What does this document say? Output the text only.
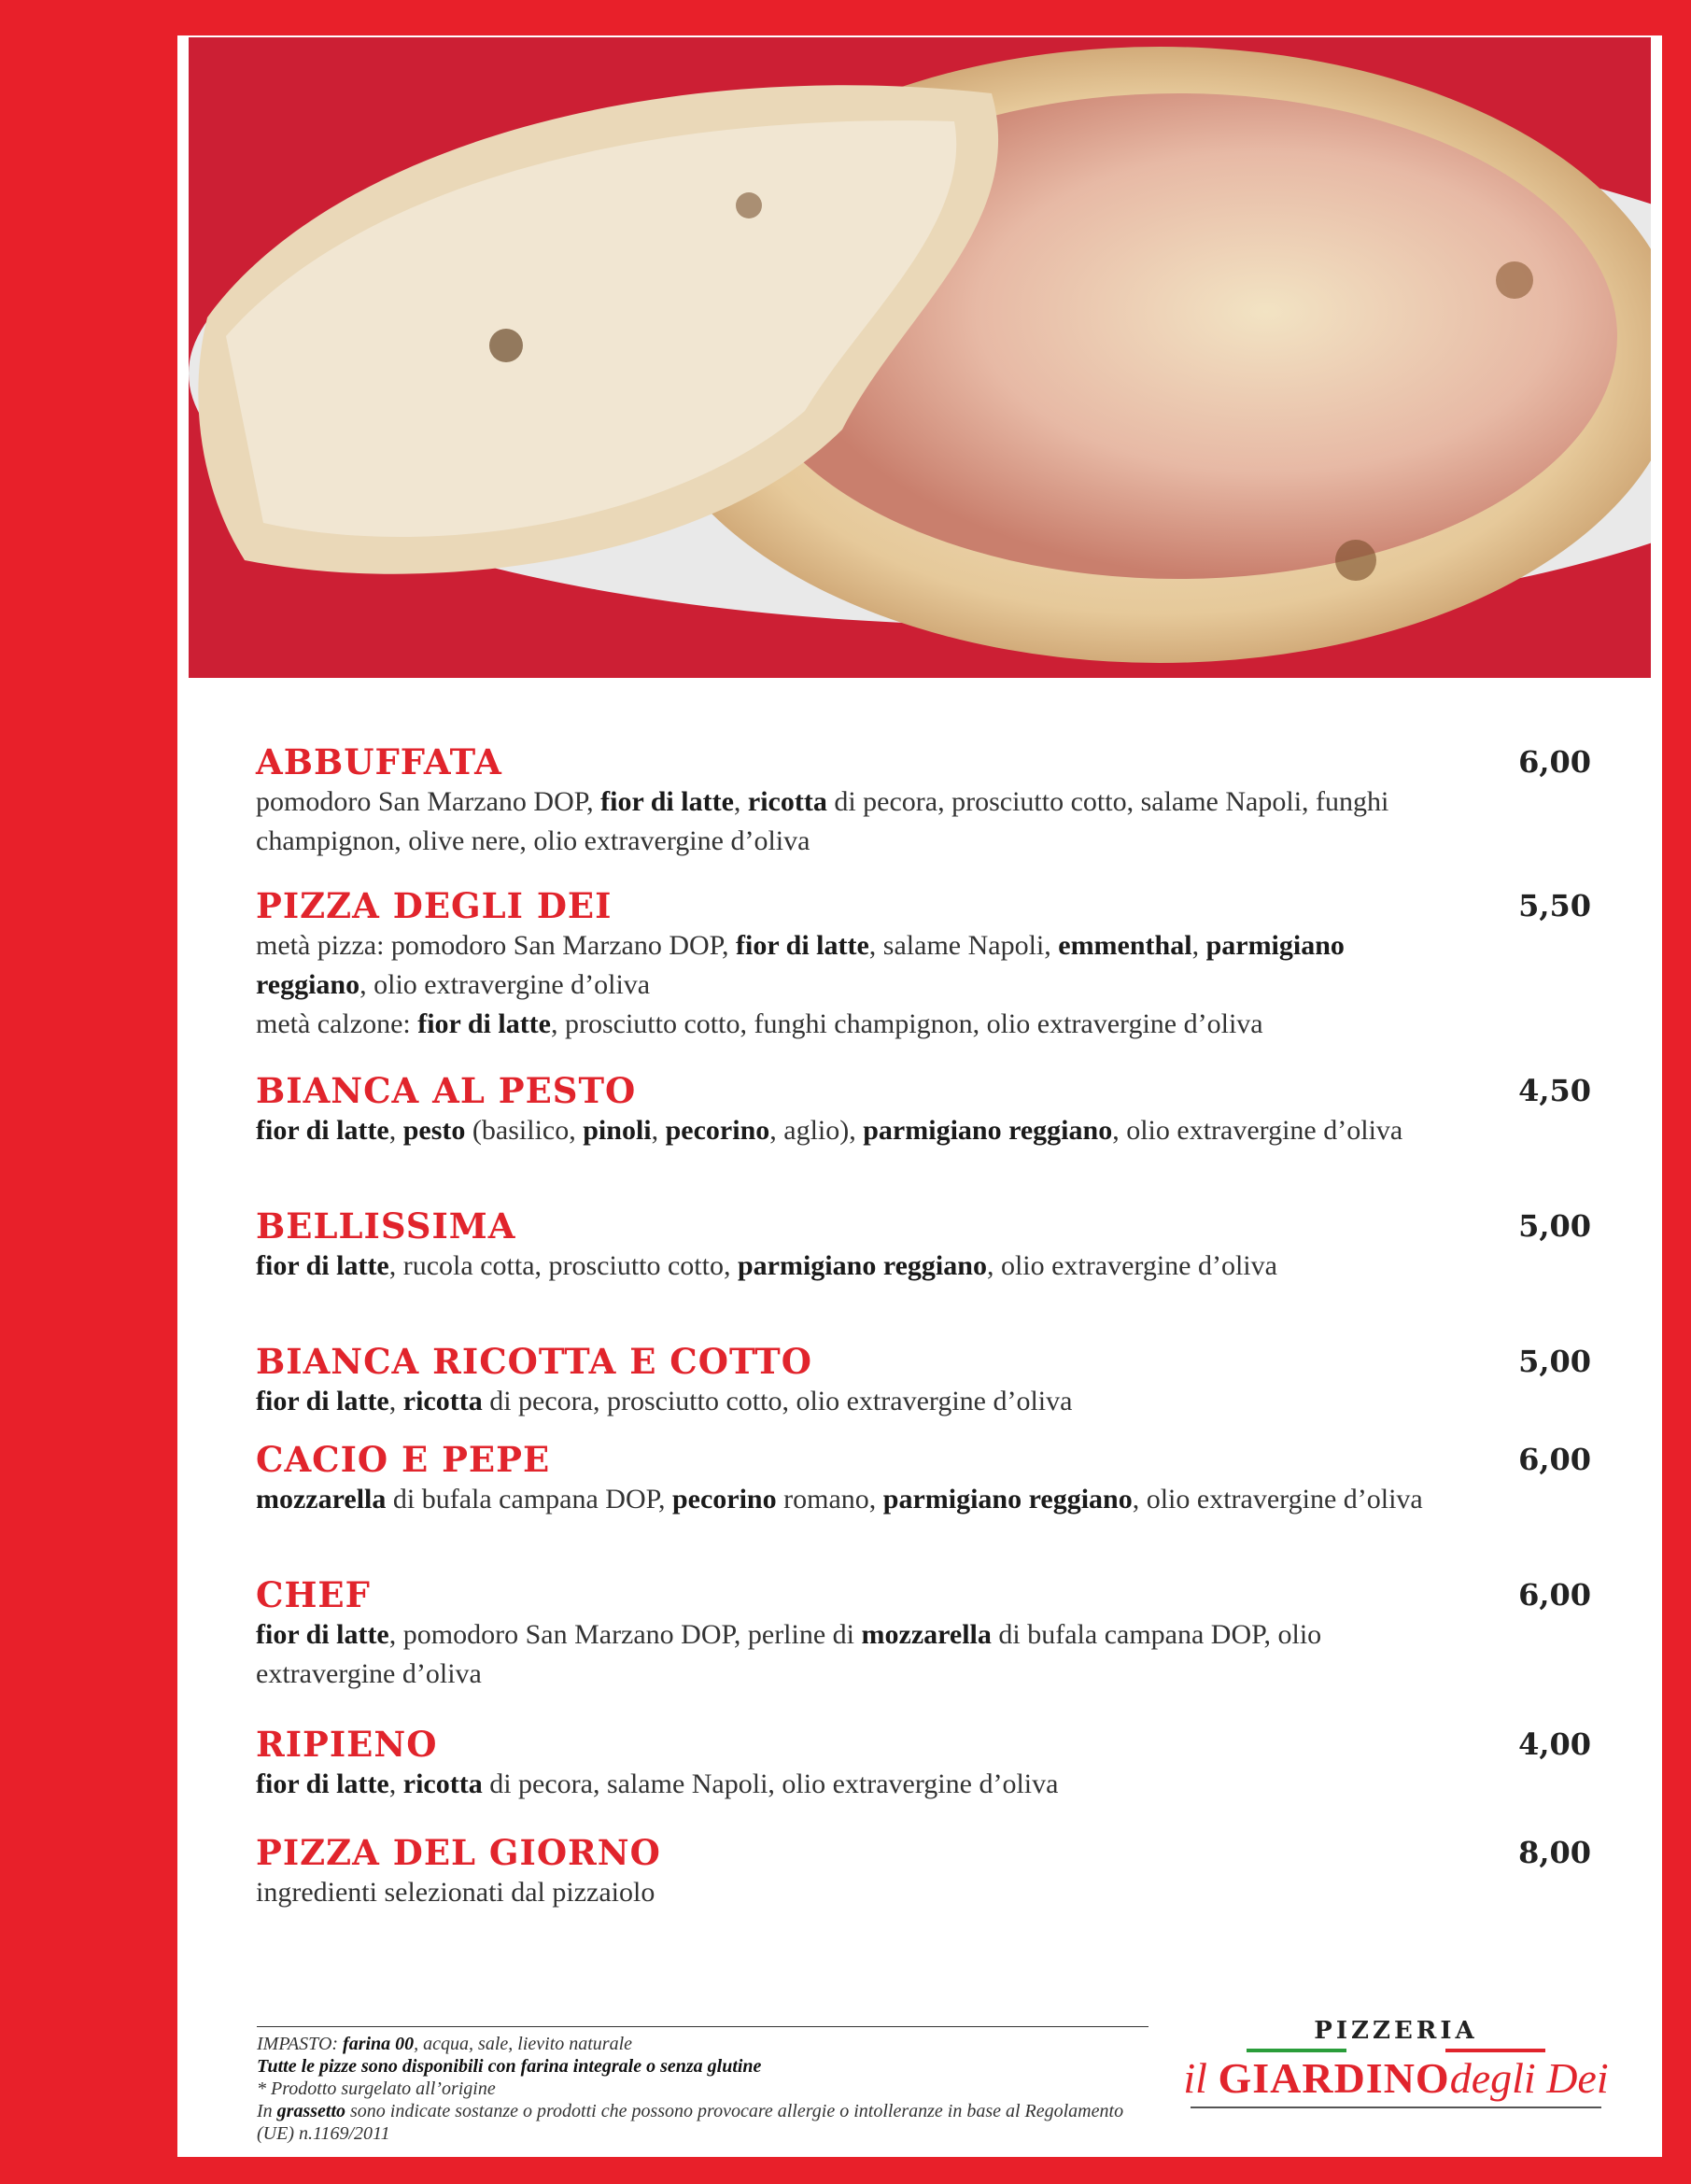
ABBUFFATA
pomodoro San Marzano DOP, fior di latte, ricotta di pecora, prosciutto cotto, salame Napoli, funghi champignon, olive nere, olio extravergine d’oliva
6,00
PIZZA DEGLI DEI
metà pizza: pomodoro San Marzano DOP, fior di latte, salame Napoli, emmenthal, parmigiano reggiano, olio extravergine d’oliva
metà calzone: fior di latte, prosciutto cotto, funghi champignon, olio extravergine d’oliva
5,50
BIANCA AL PESTO
fior di latte, pesto (basilico, pinoli, pecorino, aglio), parmigiano reggiano, olio extravergine d’oliva
4,50
BELLISSIMA
fior di latte, rucola cotta, prosciutto cotto, parmigiano reggiano, olio extravergine d’oliva
5,00
BIANCA RICOTTA E COTTO
fior di latte, ricotta di pecora, prosciutto cotto, olio extravergine d’oliva
5,00
CACIO E PEPE
mozzarella di bufala campana DOP, pecorino romano, parmigiano reggiano, olio extravergine d’oliva
6,00
CHEF
fior di latte, pomodoro San Marzano DOP, perline di mozzarella di bufala campana DOP, olio extravergine d’oliva
6,00
RIPIENO
fior di latte, ricotta di pecora, salame Napoli, olio extravergine d’oliva
4,00
PIZZA DEL GIORNO
ingredienti selezionati dal pizzaiolo
8,00
IMPASTO: farina 00, acqua, sale, lievito naturale
Tutte le pizze sono disponibili con farina integrale o senza glutine
* Prodotto surgelato all’origine
In grassetto sono indicate sostanze o prodotti che possono provocare allergie o intolleranze in base al Regolamento (UE) n.1169/2011
PIZZERIA
il GIARDINOdegli Dei
